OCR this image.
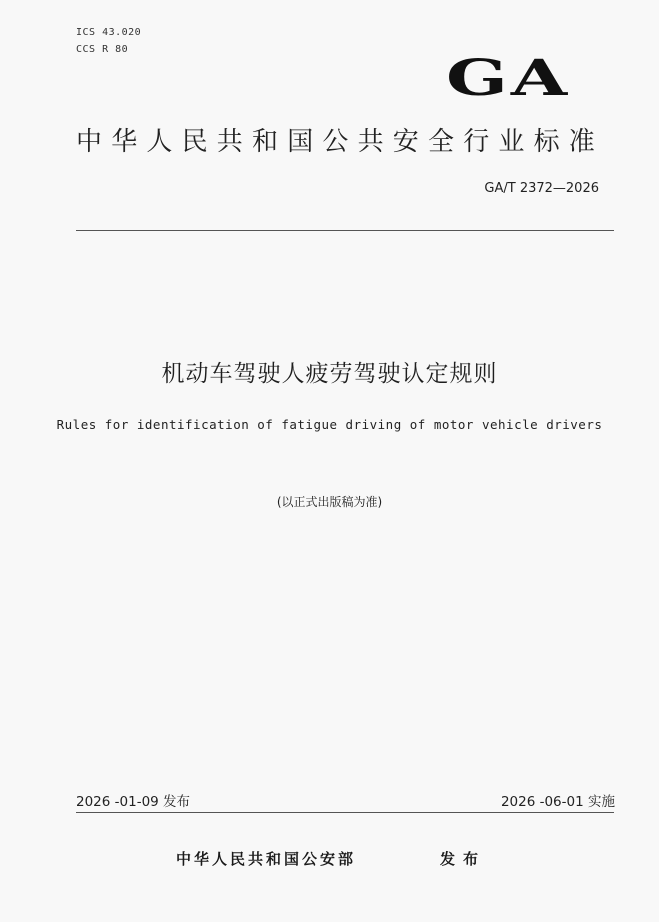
ICS 43.020
CCS R 80	GA
中华人民共和国公共安全行业标准
GA/T 2372—2026
机动车驾驶人疲劳驾驶认定规则
Rules for identification of fatigue driving of motor vehicle drivers
(以正式出版稿为准)
2026 -01-09 发布	2026 -06-01 实施
中华人民共和国公安部	发布
